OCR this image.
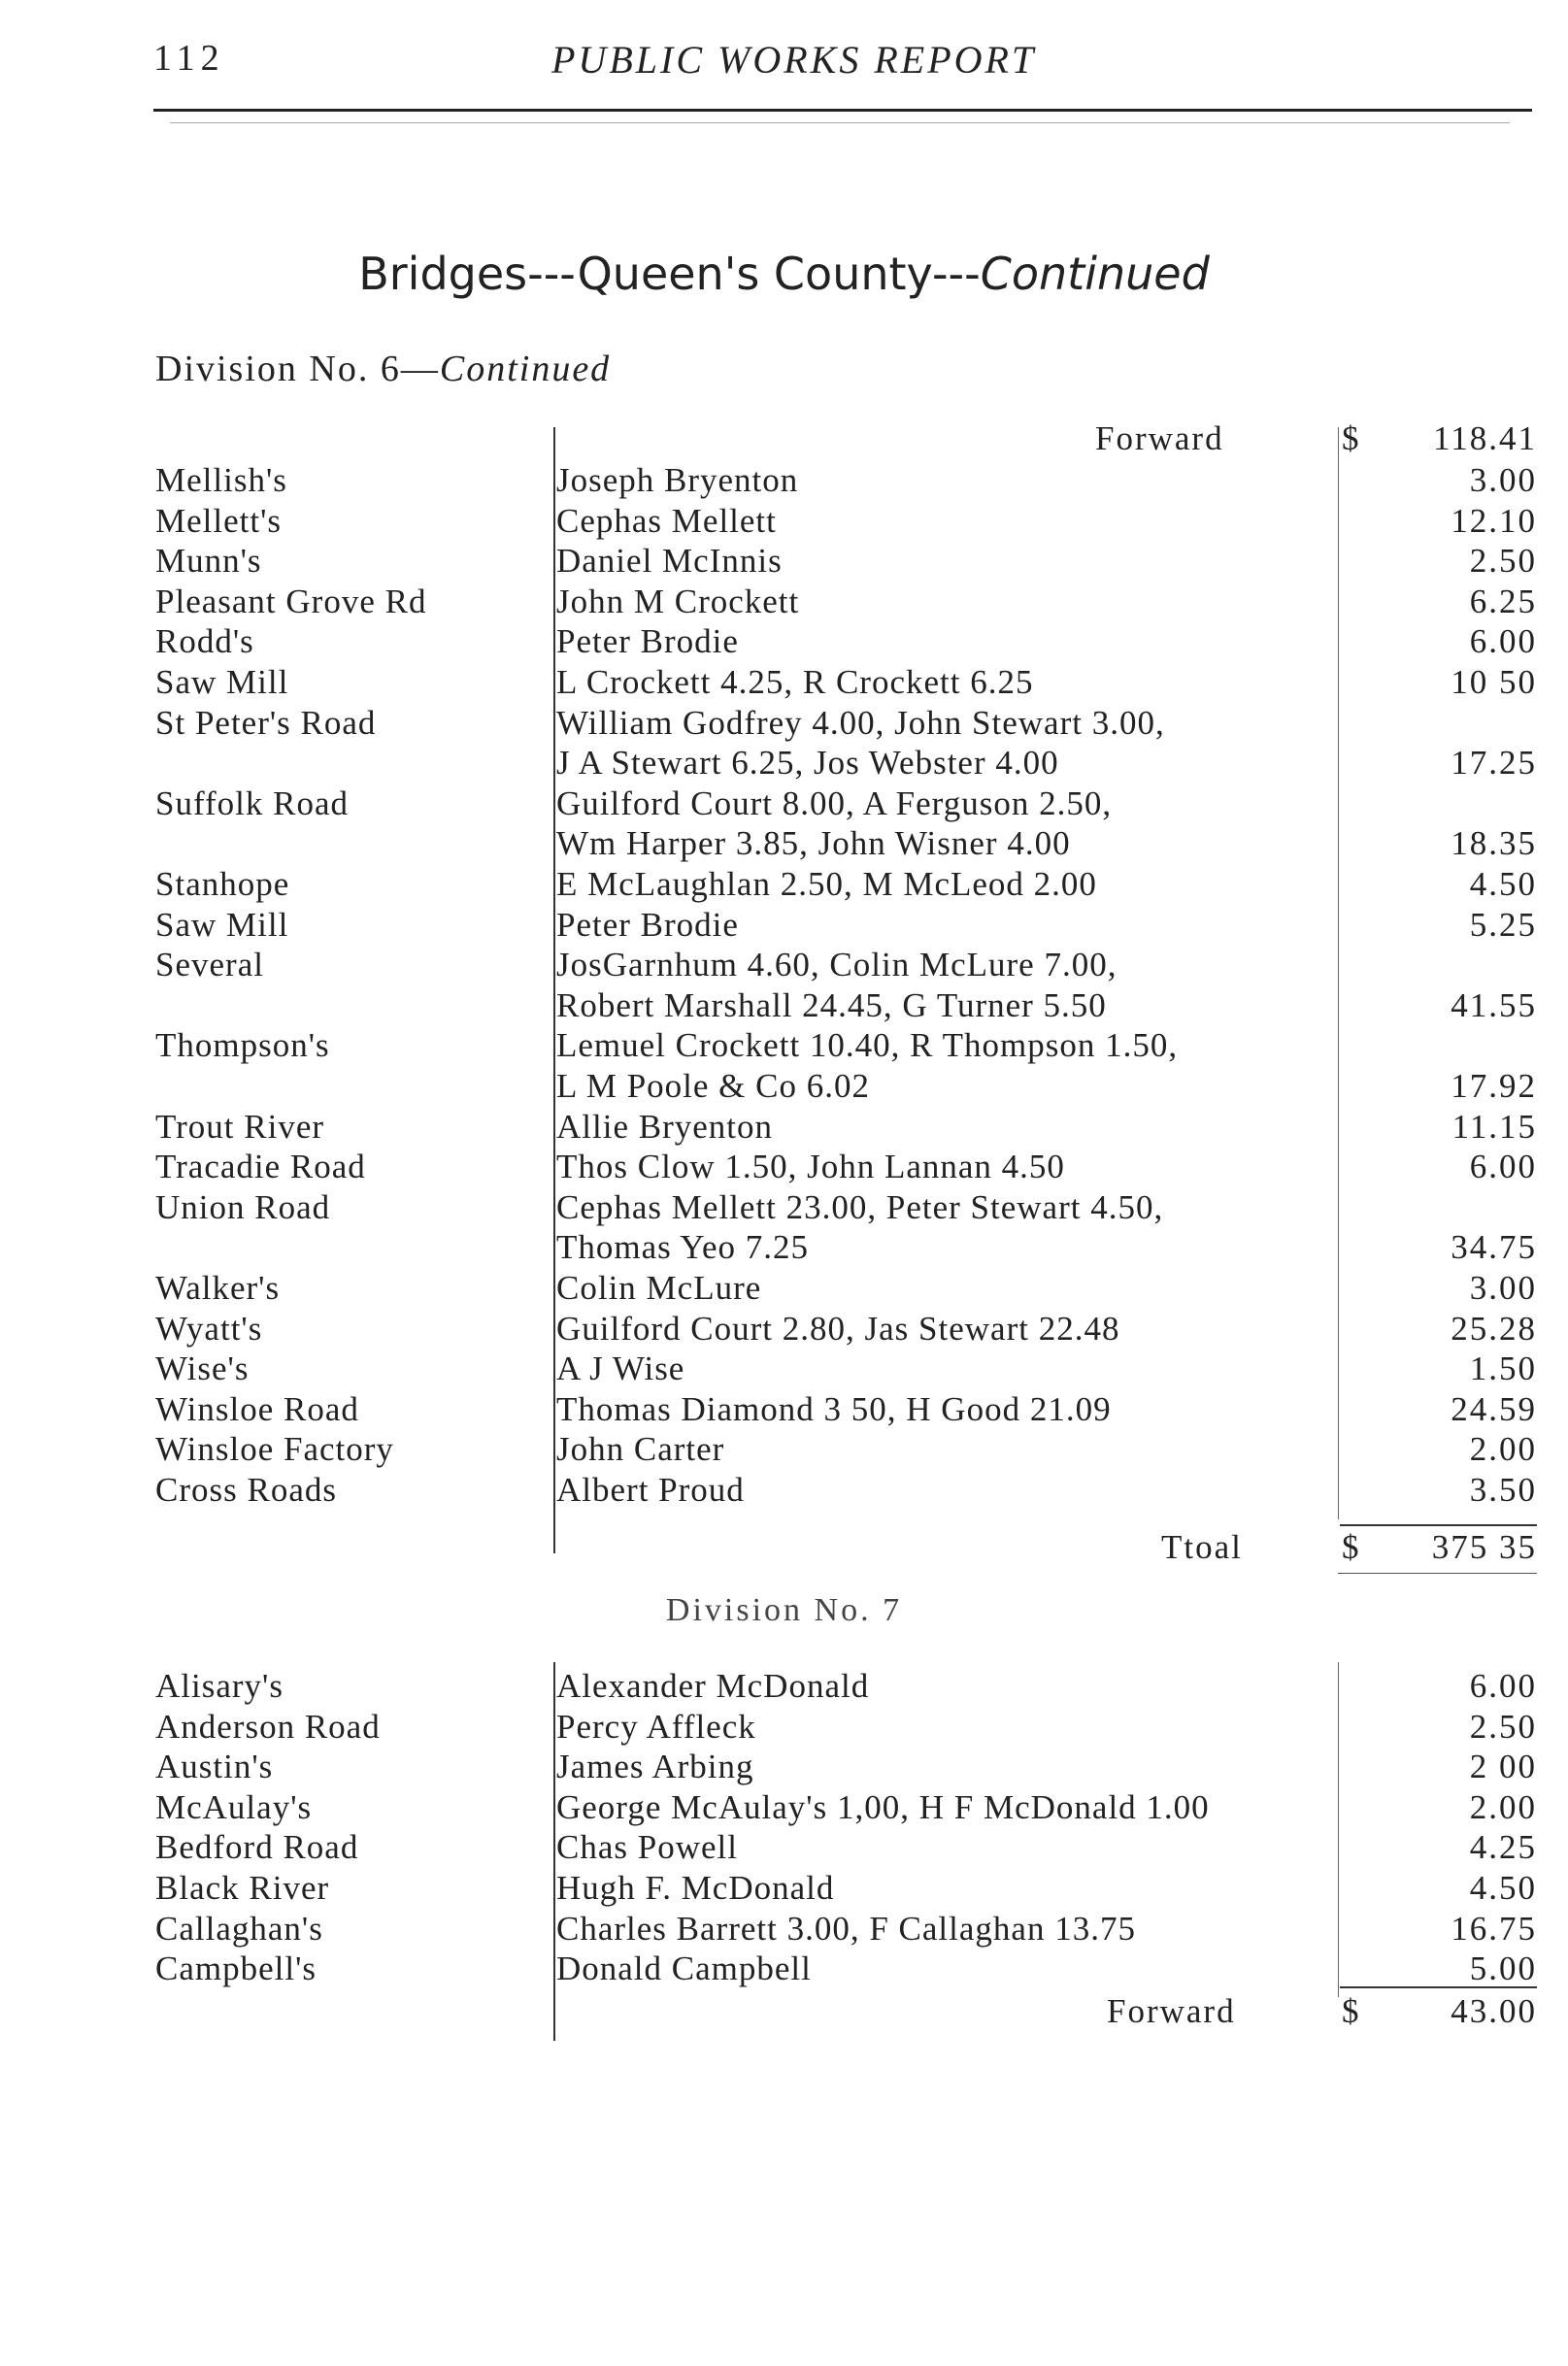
112	PUBLIC WORKS REPORT
Bridges---Queen's County---Continued
Division No. 6—Continued
Forward	$ 118.41
Mellish's	Joseph Bryenton	3.00
Mellett's	Cephas Mellett	12.10
Munn's	Daniel McInnis	2.50
Pleasant Grove Rd	John M Crockett	6.25
Rodd's	Peter Brodie	6.00
Saw Mill	L Crockett 4.25, R Crockett 6.25	10 50
St Peter's Road	William Godfrey 4.00, John Stewart 3.00,
J A Stewart 6.25, Jos Webster 4.00	17.25
Suffolk Road	Guilford Court 8.00, A Ferguson 2.50,
Wm Harper 3.85, John Wisner 4.00	18.35
Stanhope	E McLaughlan 2.50, M McLeod 2.00	4.50
Saw Mill	Peter Brodie	5.25
Several	JosGarnhum 4.60, Colin McLure 7.00,
Robert Marshall 24.45, G Turner 5.50	41.55
Thompson's	Lemuel Crockett 10.40, R Thompson 1.50,
L M Poole & Co 6.02	17.92
Trout River	Allie Bryenton	11.15
Tracadie Road	Thos Clow 1.50, John Lannan 4.50	6.00
Union Road	Cephas Mellett 23.00, Peter Stewart 4.50,
Thomas Yeo 7.25	34.75
Walker's	Colin McLure	3.00
Wyatt's	Guilford Court 2.80, Jas Stewart 22.48	25.28
Wise's	A J Wise	1.50
Winsloe Road	Thomas Diamond 3 50, H Good 21.09	24.59
Winsloe Factory	John Carter	2.00
Cross Roads	Albert Proud	3.50
Ttoal	$ 375 35
Division No. 7
Alisary's	Alexander McDonald	6.00
Anderson Road	Percy Affleck	2.50
Austin's	James Arbing	2 00
McAulay's	George McAulay's 1,00, H F McDonald 1.00	2.00
Bedford Road	Chas Powell	4.25
Black River	Hugh F. McDonald	4.50
Callaghan's	Charles Barrett 3.00, F Callaghan 13.75	16.75
Campbell's	Donald Campbell	5.00
Forward	$	43.00
